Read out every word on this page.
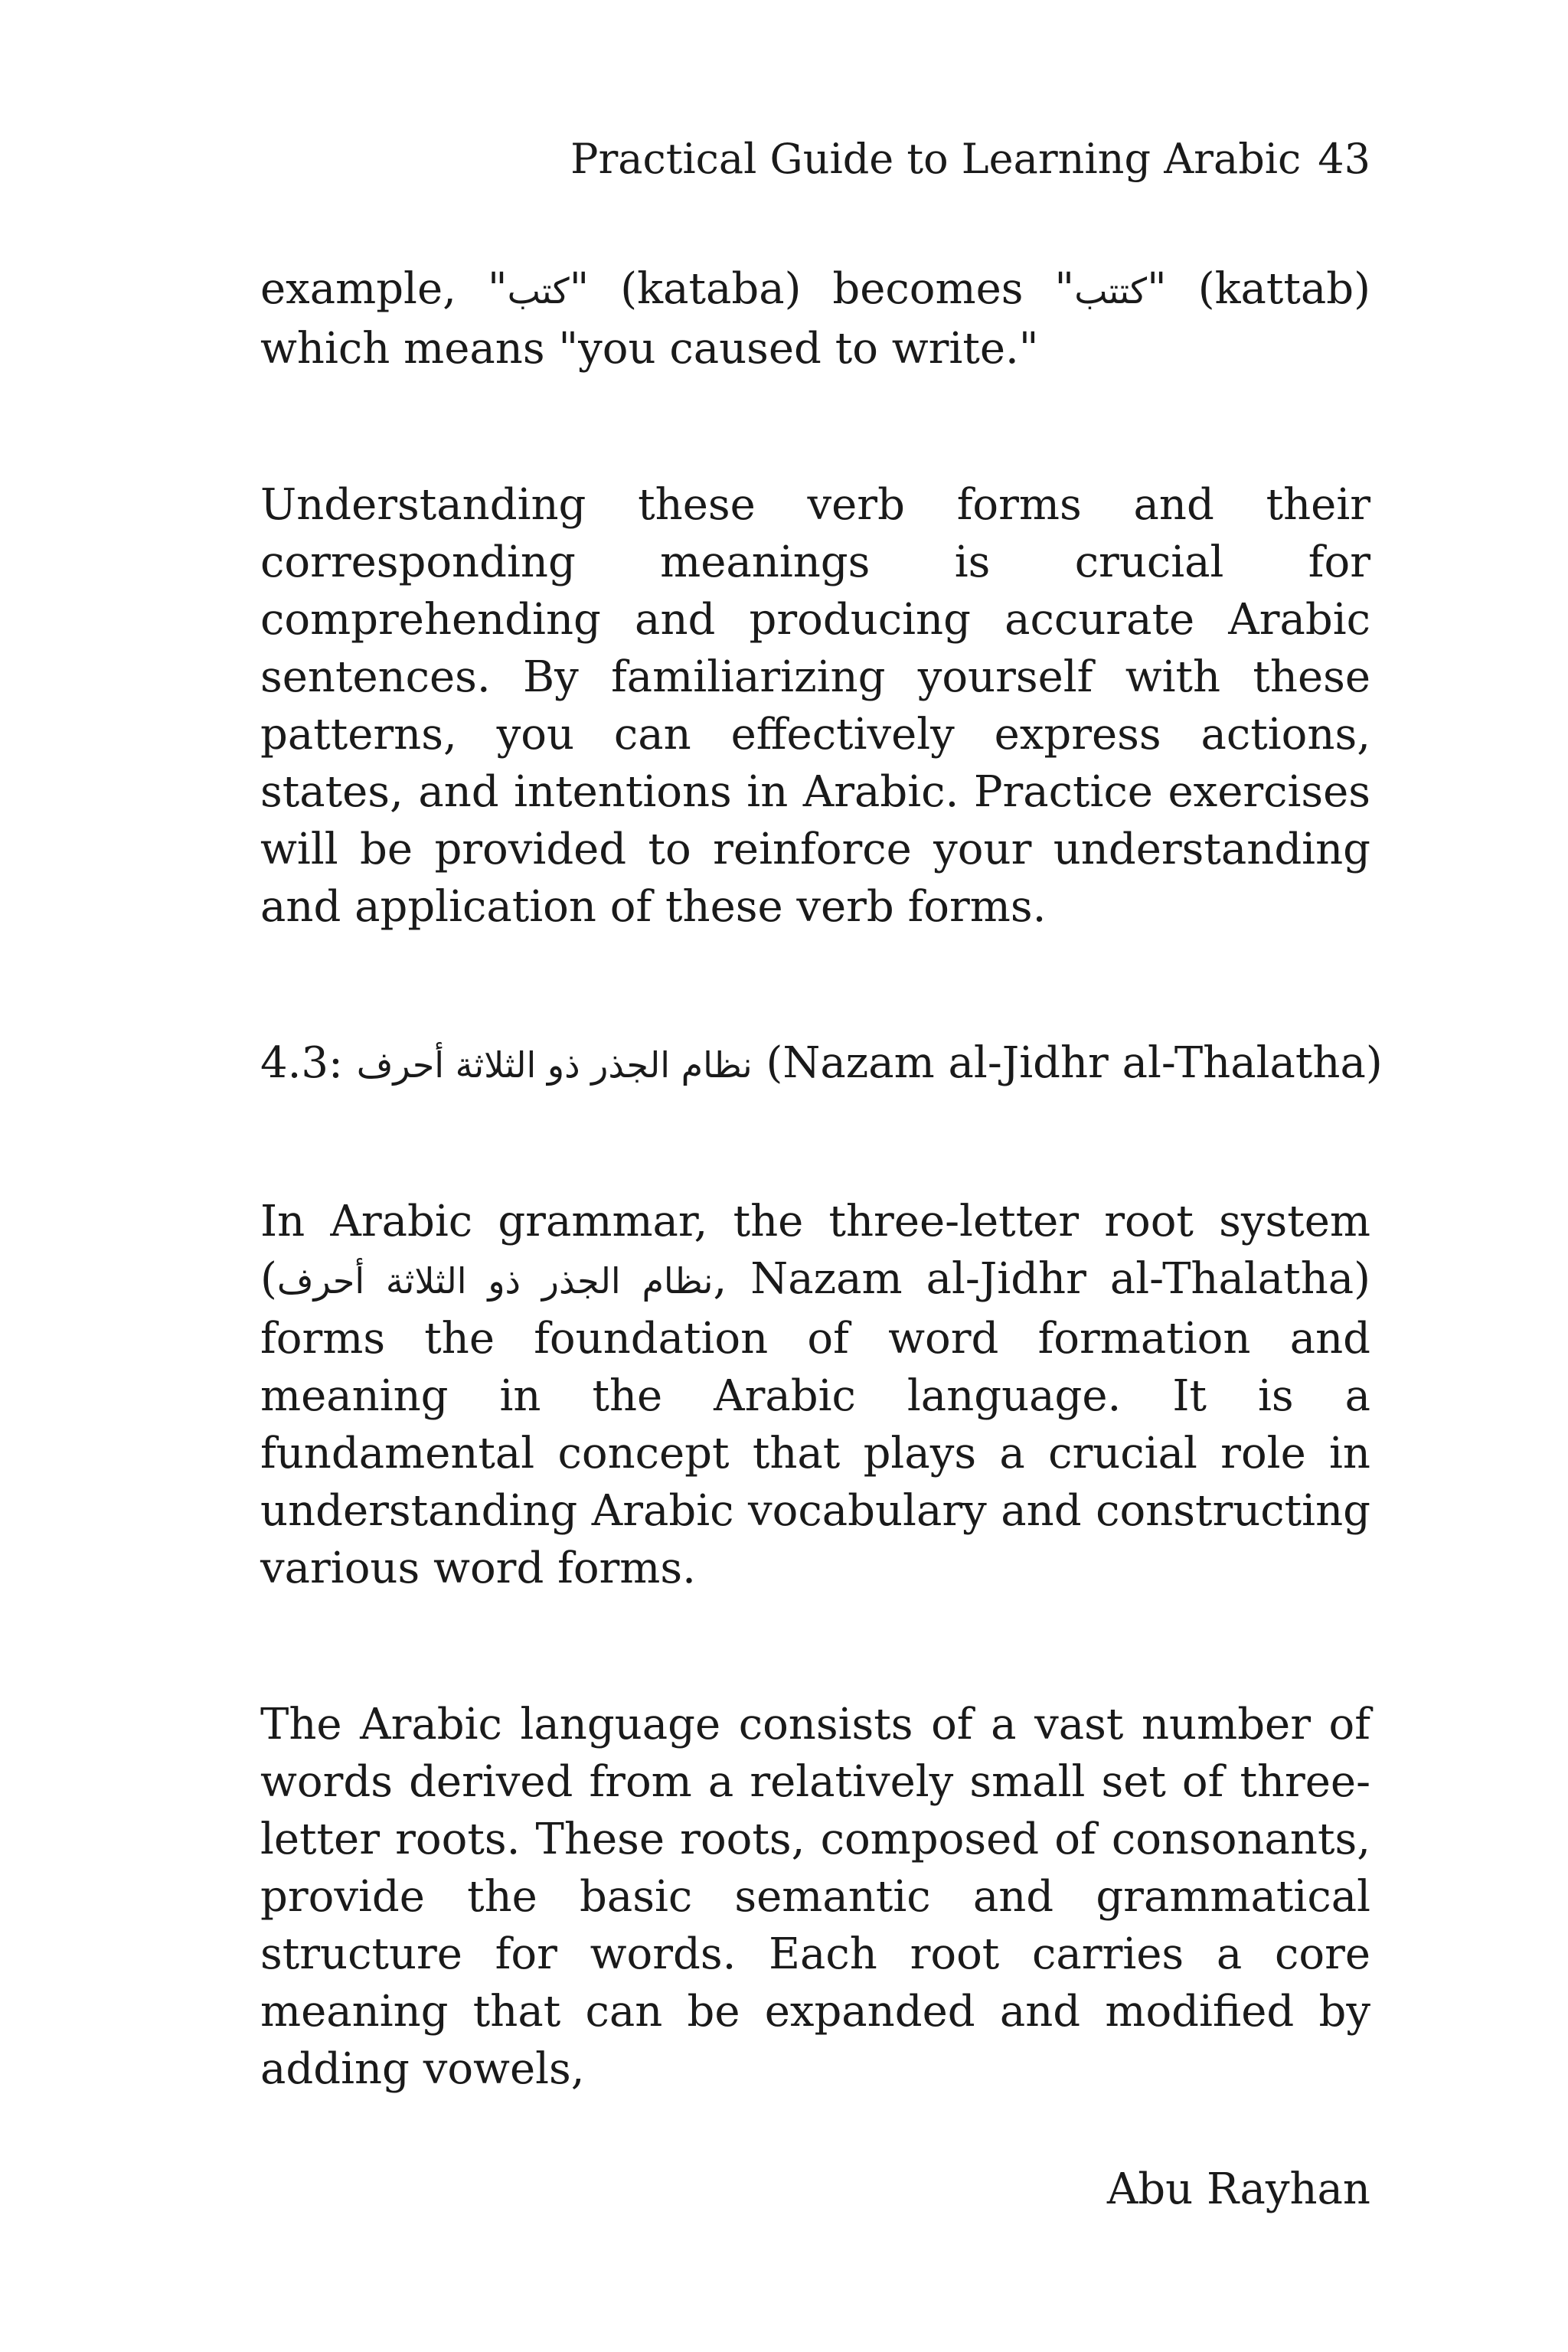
Practical Guide to Learning Arabic 43

example, "كتب" (kataba) becomes "كتتب" (kattab) which means "you caused to write."

Understanding these verb forms and their corresponding meanings is crucial for comprehending and producing accurate Arabic sentences. By familiarizing yourself with these patterns, you can effectively express actions, states, and intentions in Arabic. Practice exercises will be provided to reinforce your understanding and application of these verb forms.

4.3: نظام الجذر ذو الثلاثة أحرف (Nazam al-Jidhr al-Thalatha)

In Arabic grammar, the three-letter root system (نظام الجذر ذو الثلاثة أحرف, Nazam al-Jidhr al-Thalatha) forms the foundation of word formation and meaning in the Arabic language. It is a fundamental concept that plays a crucial role in understanding Arabic vocabulary and constructing various word forms.

The Arabic language consists of a vast number of words derived from a relatively small set of three-letter roots. These roots, composed of consonants, provide the basic semantic and grammatical structure for words. Each root carries a core meaning that can be expanded and modified by adding vowels,

Abu Rayhan
